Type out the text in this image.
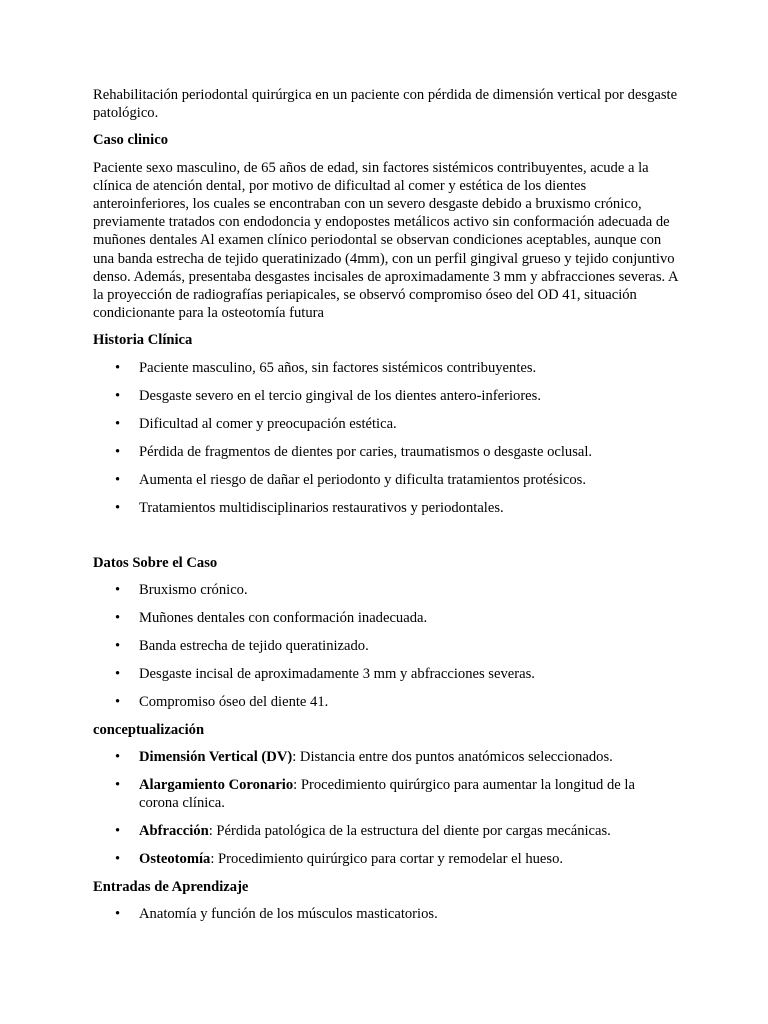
Rehabilitación periodontal quirúrgica en un paciente con pérdida de dimensión vertical por desgaste patológico.

Caso clinico

Paciente sexo masculino, de 65 años de edad, sin factores sistémicos contribuyentes, acude a la clínica de atención dental, por motivo de dificultad al comer y estética de los dientes anteroinferiores, los cuales se encontraban con un severo desgaste debido a bruxismo crónico, previamente tratados con endodoncia y endopostes metálicos activo sin conformación adecuada de muñones dentales Al examen clínico periodontal se observan condiciones aceptables, aunque con una banda estrecha de tejido queratinizado (4mm), con un perfil gingival grueso y tejido conjuntivo denso. Además, presentaba desgastes incisales de aproximadamente 3 mm y abfracciones severas. A la proyección de radiografías periapicales, se observó compromiso óseo del OD 41, situación condicionante para la osteotomía futura

Historia Clínica
• Paciente masculino, 65 años, sin factores sistémicos contribuyentes.
• Desgaste severo en el tercio gingival de los dientes antero-inferiores.
• Dificultad al comer y preocupación estética.
• Pérdida de fragmentos de dientes por caries, traumatismos o desgaste oclusal.
• Aumenta el riesgo de dañar el periodonto y dificulta tratamientos protésicos.
• Tratamientos multidisciplinarios restaurativos y periodontales.
Datos Sobre el Caso
• Bruxismo crónico.
• Muñones dentales con conformación inadecuada.
• Banda estrecha de tejido queratinizado.
• Desgaste incisal de aproximadamente 3 mm y abfracciones severas.
• Compromiso óseo del diente 41.
conceptualización
• Dimensión Vertical (DV): Distancia entre dos puntos anatómicos seleccionados.
• Alargamiento Coronario: Procedimiento quirúrgico para aumentar la longitud de la corona clínica.
• Abfracción: Pérdida patológica de la estructura del diente por cargas mecánicas.
• Osteotomía: Procedimiento quirúrgico para cortar y remodelar el hueso.
Entradas de Aprendizaje
• Anatomía y función de los músculos masticatorios.
